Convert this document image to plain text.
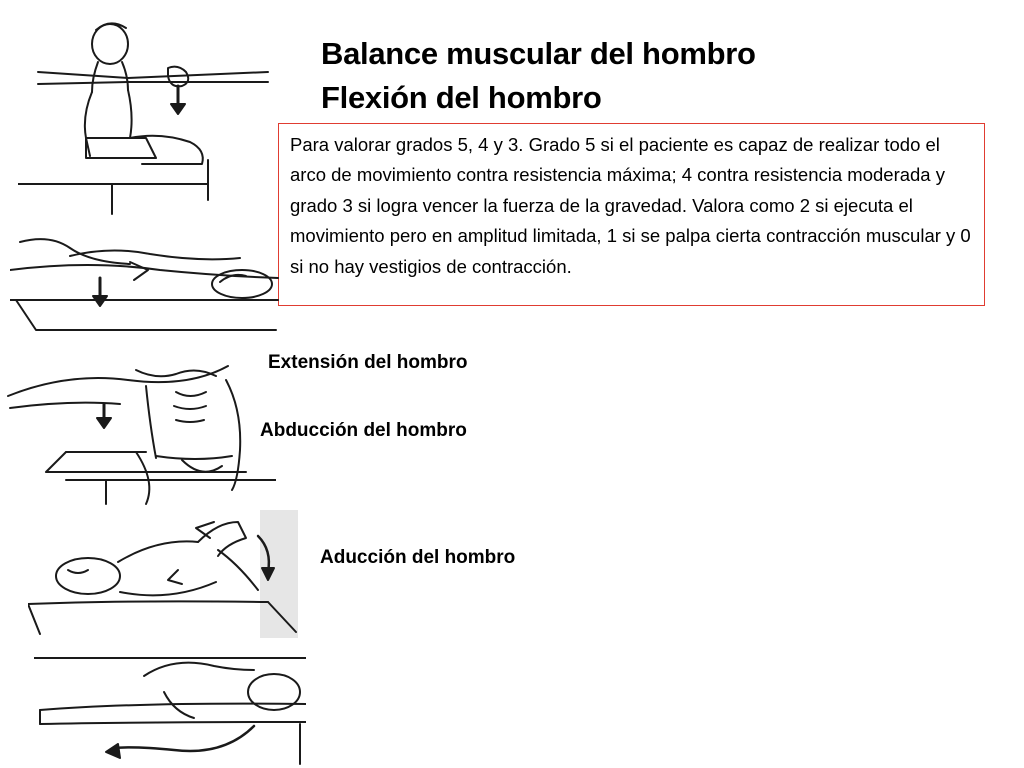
Balance muscular del hombro
Flexión del hombro
Para valorar grados 5, 4 y 3. Grado 5 si el paciente es capaz de realizar todo el arco de movimiento contra resistencia máxima; 4 contra resistencia moderada y grado 3 si logra vencer la fuerza de la gravedad. Valora como 2 si ejecuta el movimiento pero en amplitud limitada, 1 si se palpa cierta contracción muscular y 0 si no hay vestigios de contracción.
Extensión del hombro
Abducción del hombro
Aducción del hombro
